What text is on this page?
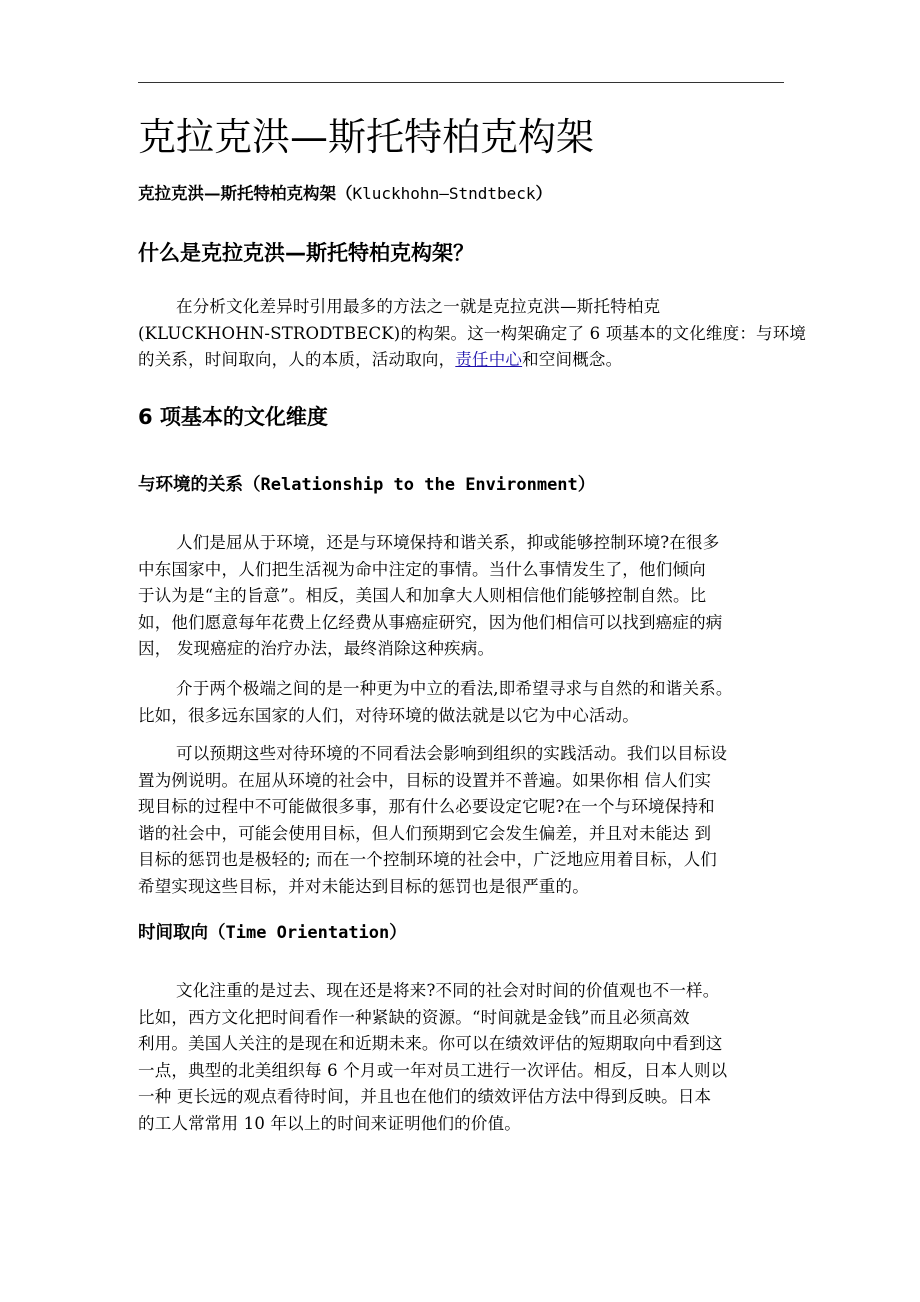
克拉克洪—斯托特柏克构架

克拉克洪—斯托特柏克构架（Kluckhohn—Stndtbeck）

什么是克拉克洪—斯托特柏克构架？
在分析文化差异时引用最多的方法之一就是克拉克洪—斯托特柏克
(KLUCKHOHN-STRODTBECK)的构架。这一构架确定了 6 项基本的文化维度：与环境
的关系，时间取向，人的本质，活动取向，责任中心和空间概念。
6 项基本的文化维度
与环境的关系（Relationship to the Environment）
人们是屈从于环境，还是与环境保持和谐关系，抑或能够控制环境?在很多
中东国家中，人们把生活视为命中注定的事情。当什么事情发生了，他们倾向
于认为是“主的旨意”。相反，美国人和加拿大人则相信他们能够控制自然。比
如，他们愿意每年花费上亿经费从事癌症研究，因为他们相信可以找到癌症的病
因， 发现癌症的治疗办法，最终消除这种疾病。
介于两个极端之间的是一种更为中立的看法,即希望寻求与自然的和谐关系。
比如，很多远东国家的人们，对待环境的做法就是以它为中心活动。
可以预期这些对待环境的不同看法会影响到组织的实践活动。我们以目标设
置为例说明。在屈从环境的社会中，目标的设置并不普遍。如果你相 信人们实
现目标的过程中不可能做很多事，那有什么必要设定它呢?在一个与环境保持和
谐的社会中，可能会使用目标，但人们预期到它会发生偏差，并且对未能达 到
目标的惩罚也是极轻的; 而在一个控制环境的社会中，广泛地应用着目标，人们
希望实现这些目标，并对未能达到目标的惩罚也是很严重的。
时间取向（Time Orientation）
文化注重的是过去、现在还是将来?不同的社会对时间的价值观也不一样。
比如，西方文化把时间看作一种紧缺的资源。“时间就是金钱”而且必须高效
利用。美国人关注的是现在和近期未来。你可以在绩效评估的短期取向中看到这
一点，典型的北美组织每 6 个月或一年对员工进行一次评估。相反，日本人则以
一种 更长远的观点看待时间，并且也在他们的绩效评估方法中得到反映。日本
的工人常常用 10 年以上的时间来证明他们的价值。
